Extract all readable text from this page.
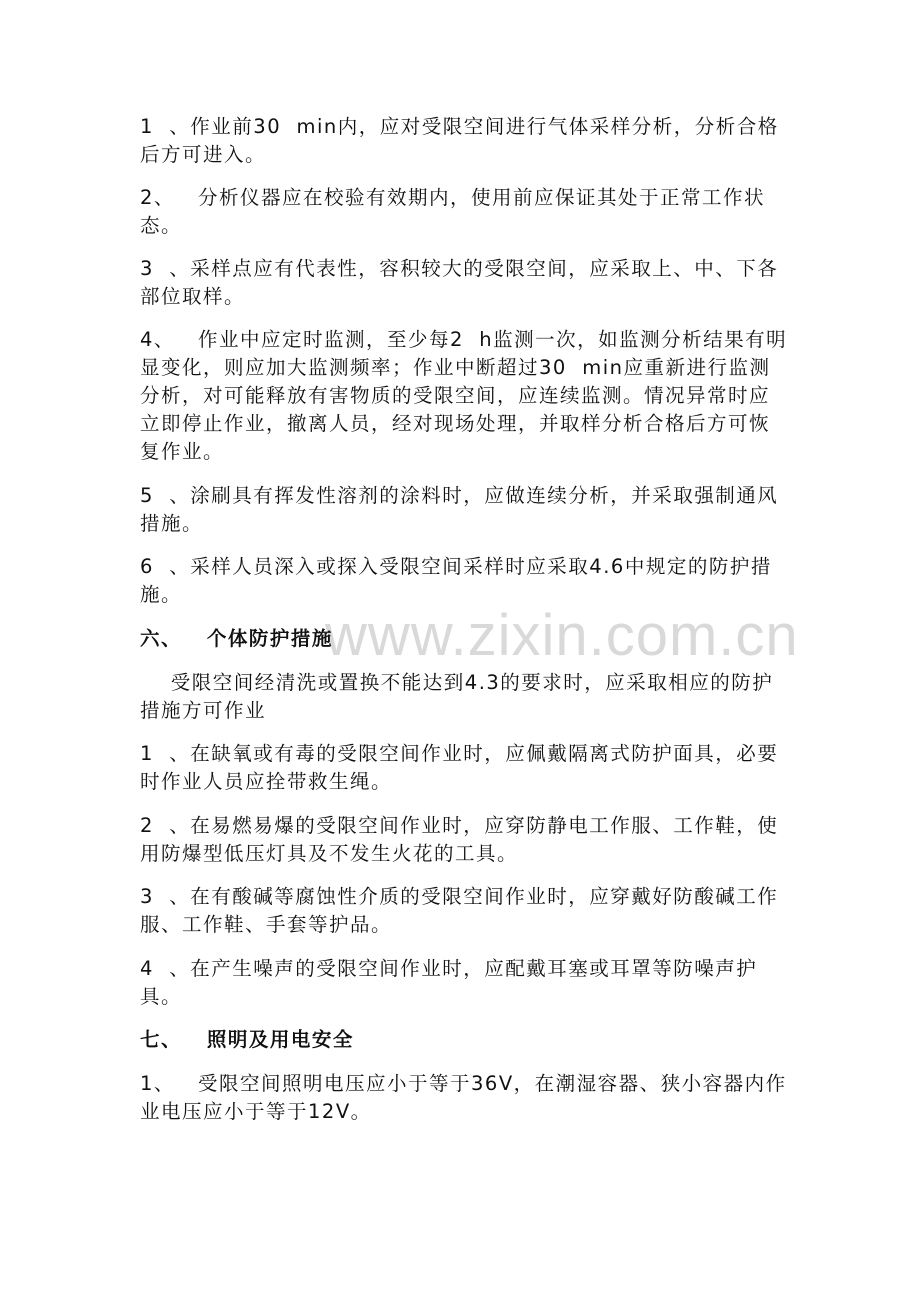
www.zixin.com.cn

1  、作业前30  min内，应对受限空间进行气体采样分析，分析合格后方可进入。

2、   分析仪器应在校验有效期内，使用前应保证其处于正常工作状态。

3  、采样点应有代表性，容积较大的受限空间，应采取上、中、下各部位取样。

4、   作业中应定时监测，至少每2  h监测一次，如监测分析结果有明显变化，则应加大监测频率；作业中断超过30  min应重新进行监测分析，对可能释放有害物质的受限空间，应连续监测。情况异常时应立即停止作业，撤离人员，经对现场处理，并取样分析合格后方可恢复作业。

5  、涂刷具有挥发性溶剂的涂料时，应做连续分析，并采取强制通风措施。

6  、采样人员深入或探入受限空间采样时应采取4.6中规定的防护措施。

六、   个体防护措施

受限空间经清洗或置换不能达到4.3的要求时，应采取相应的防护措施方可作业

1  、在缺氧或有毒的受限空间作业时，应佩戴隔离式防护面具，必要时作业人员应拴带救生绳。

2  、在易燃易爆的受限空间作业时，应穿防静电工作服、工作鞋，使用防爆型低压灯具及不发生火花的工具。

3  、在有酸碱等腐蚀性介质的受限空间作业时，应穿戴好防酸碱工作服、工作鞋、手套等护品。

4  、在产生噪声的受限空间作业时，应配戴耳塞或耳罩等防噪声护具。

七、   照明及用电安全

1、   受限空间照明电压应小于等于36V，在潮湿容器、狭小容器内作业电压应小于等于12V。
